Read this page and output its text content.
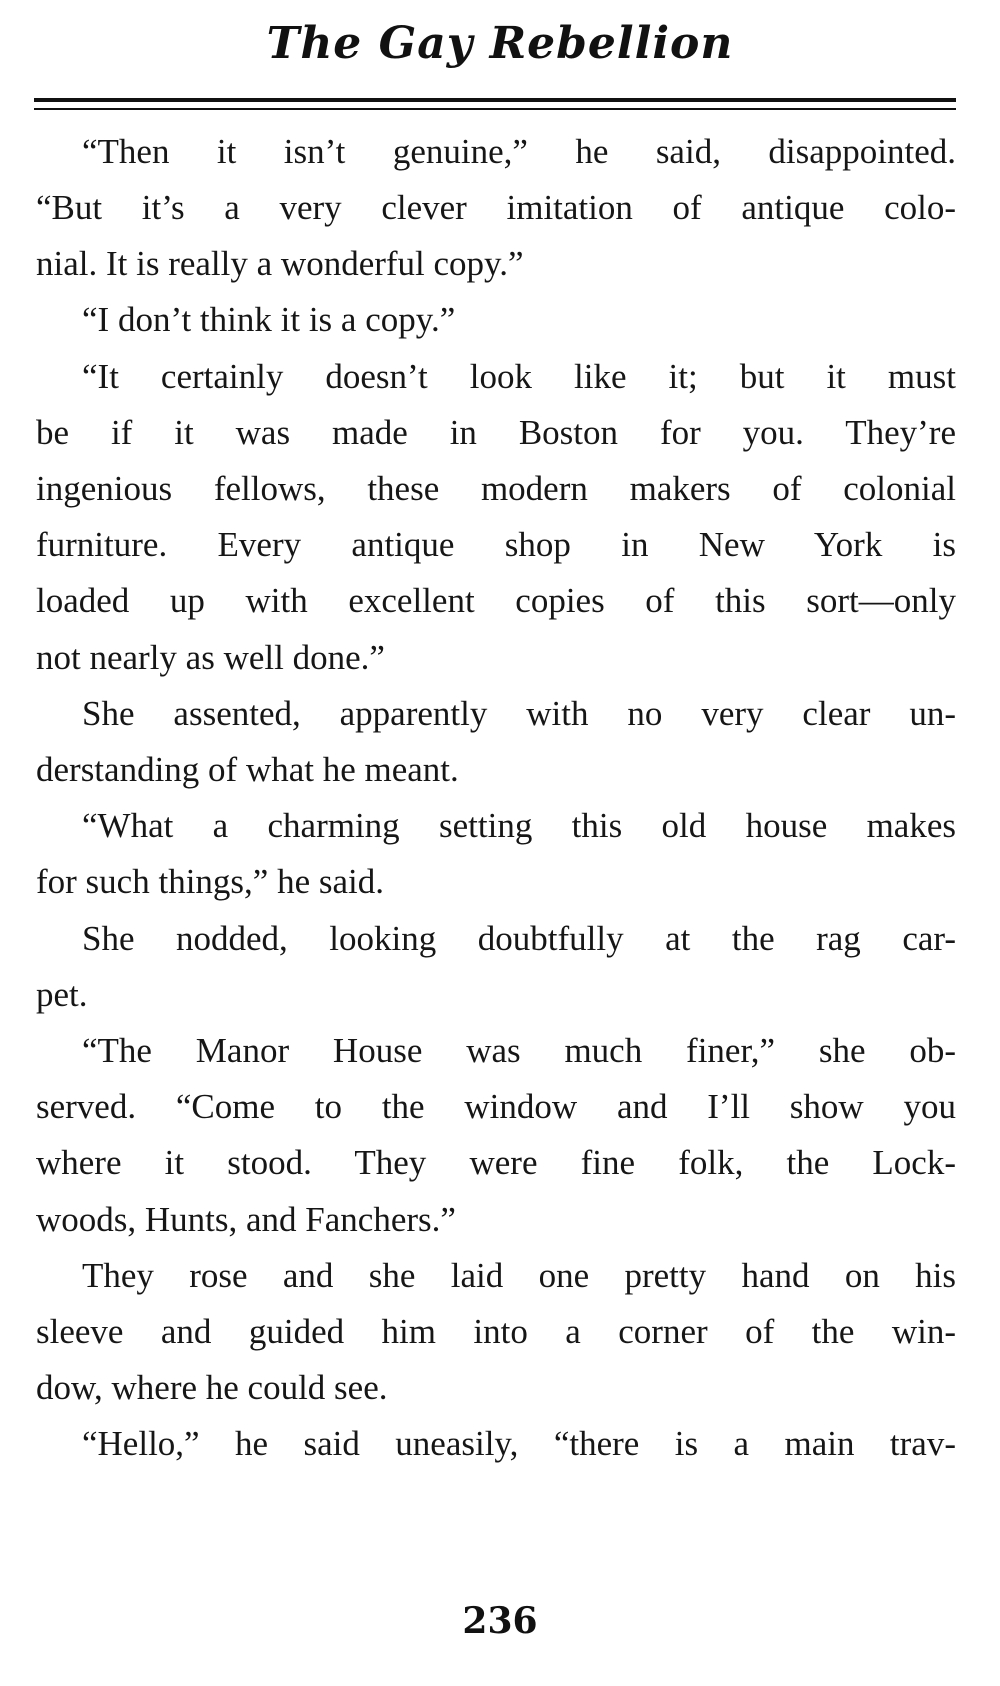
The Gay Rebellion
“Then it isn’t genuine,” he said, disappointed.
“But it’s a very clever imitation of antique colo-
nial. It is really a wonderful copy.”
“I don’t think it is a copy.”
“It certainly doesn’t look like it; but it must
be if it was made in Boston for you. They’re
ingenious fellows, these modern makers of colonial
furniture. Every antique shop in New York is
loaded up with excellent copies of this sort—only
not nearly as well done.”
She assented, apparently with no very clear un-
derstanding of what he meant.
“What a charming setting this old house makes
for such things,” he said.
She nodded, looking doubtfully at the rag car-
pet.
“The Manor House was much finer,” she ob-
served. “Come to the window and I’ll show you
where it stood. They were fine folk, the Lock-
woods, Hunts, and Fanchers.”
They rose and she laid one pretty hand on his
sleeve and guided him into a corner of the win-
dow, where he could see.
“Hello,” he said uneasily, “there is a main trav-
236
